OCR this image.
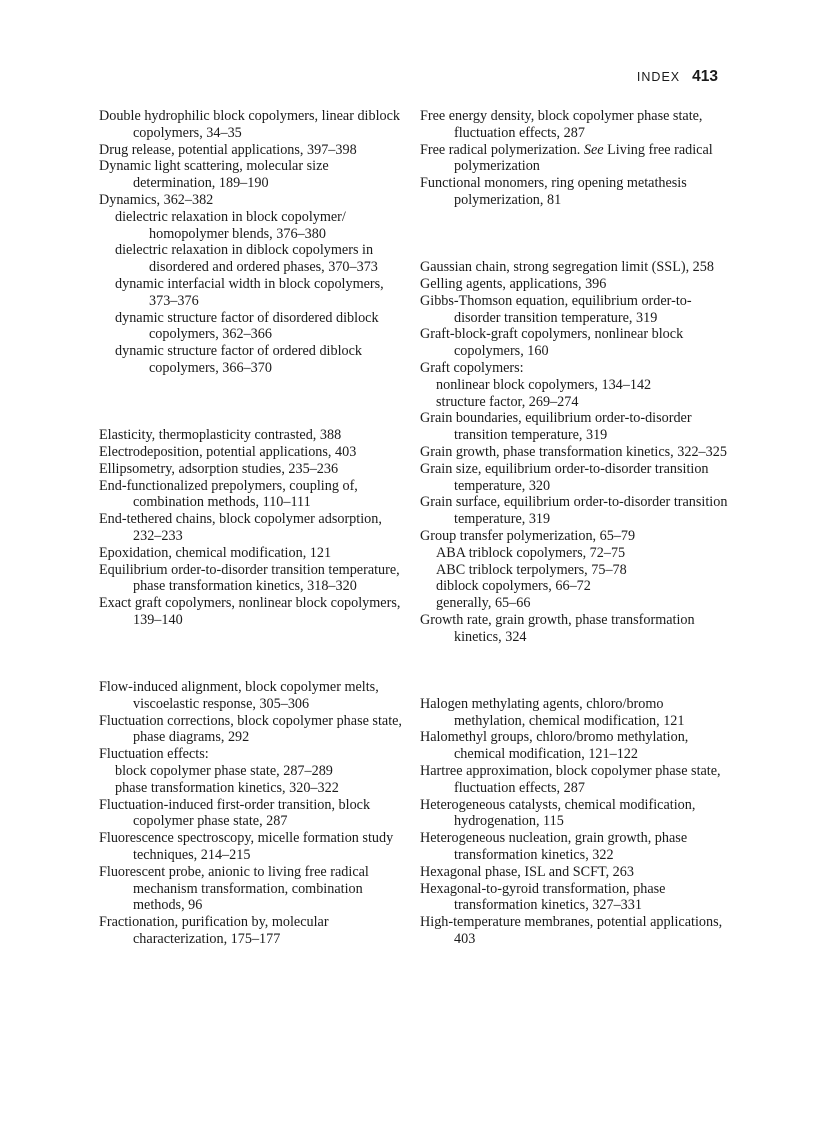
INDEX 413
Double hydrophilic block copolymers, linear diblock copolymers, 34–35
Drug release, potential applications, 397–398
Dynamic light scattering, molecular size determination, 189–190
Dynamics, 362–382
dielectric relaxation in block copolymer/ homopolymer blends, 376–380
dielectric relaxation in diblock copolymers in disordered and ordered phases, 370–373
dynamic interfacial width in block copolymers, 373–376
dynamic structure factor of disordered diblock copolymers, 362–366
dynamic structure factor of ordered diblock copolymers, 366–370
Elasticity, thermoplasticity contrasted, 388
Electrodeposition, potential applications, 403
Ellipsometry, adsorption studies, 235–236
End-functionalized prepolymers, coupling of, combination methods, 110–111
End-tethered chains, block copolymer adsorption, 232–233
Epoxidation, chemical modification, 121
Equilibrium order-to-disorder transition temperature, phase transformation kinetics, 318–320
Exact graft copolymers, nonlinear block copolymers, 139–140
Flow-induced alignment, block copolymer melts, viscoelastic response, 305–306
Fluctuation corrections, block copolymer phase state, phase diagrams, 292
Fluctuation effects:
block copolymer phase state, 287–289
phase transformation kinetics, 320–322
Fluctuation-induced first-order transition, block copolymer phase state, 287
Fluorescence spectroscopy, micelle formation study techniques, 214–215
Fluorescent probe, anionic to living free radical mechanism transformation, combination methods, 96
Fractionation, purification by, molecular characterization, 175–177
Free energy density, block copolymer phase state, fluctuation effects, 287
Free radical polymerization. See Living free radical polymerization
Functional monomers, ring opening metathesis polymerization, 81
Gaussian chain, strong segregation limit (SSL), 258
Gelling agents, applications, 396
Gibbs-Thomson equation, equilibrium order-to-disorder transition temperature, 319
Graft-block-graft copolymers, nonlinear block copolymers, 160
Graft copolymers:
nonlinear block copolymers, 134–142
structure factor, 269–274
Grain boundaries, equilibrium order-to-disorder transition temperature, 319
Grain growth, phase transformation kinetics, 322–325
Grain size, equilibrium order-to-disorder transition temperature, 320
Grain surface, equilibrium order-to-disorder transition temperature, 319
Group transfer polymerization, 65–79
ABA triblock copolymers, 72–75
ABC triblock terpolymers, 75–78
diblock copolymers, 66–72
generally, 65–66
Growth rate, grain growth, phase transformation kinetics, 324
Halogen methylating agents, chloro/bromo methylation, chemical modification, 121
Halomethyl groups, chloro/bromo methylation, chemical modification, 121–122
Hartree approximation, block copolymer phase state, fluctuation effects, 287
Heterogeneous catalysts, chemical modification, hydrogenation, 115
Heterogeneous nucleation, grain growth, phase transformation kinetics, 322
Hexagonal phase, ISL and SCFT, 263
Hexagonal-to-gyroid transformation, phase transformation kinetics, 327–331
High-temperature membranes, potential applications, 403
